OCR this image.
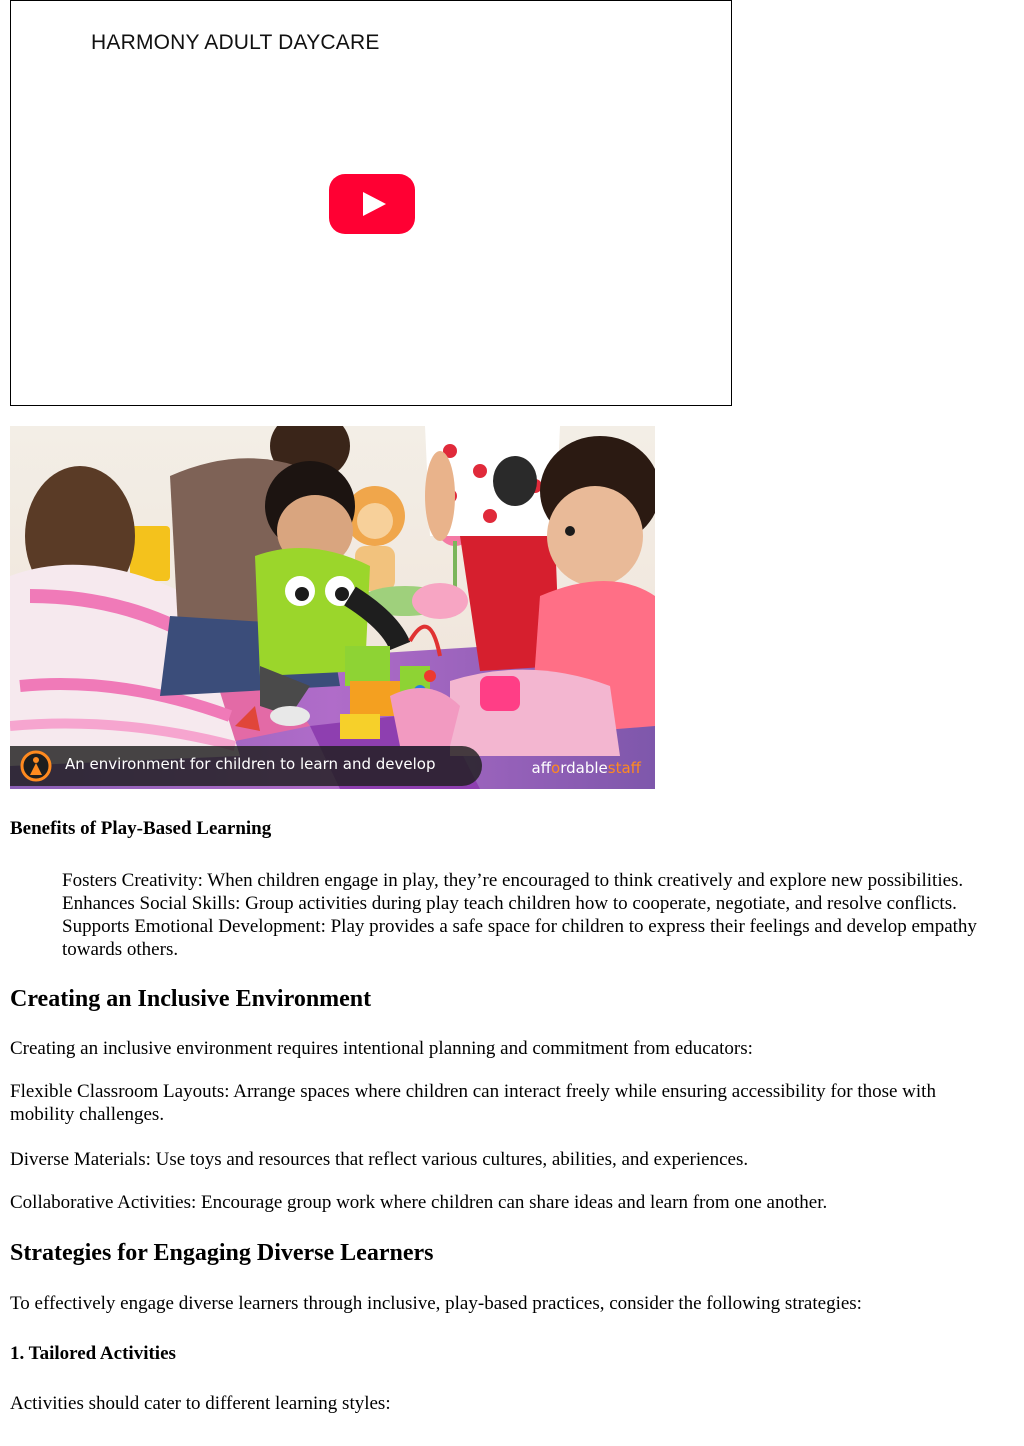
HARMONY ADULT DAYCARE
An environment for children to learn and develop	affordablestaff
Benefits of Play-Based Learning
Fosters Creativity: When children engage in play, they’re encouraged to think creatively and explore new possibilities. Enhances Social Skills: Group activities during play teach children how to cooperate, negotiate, and resolve conflicts. Supports Emotional Development: Play provides a safe space for children to express their feelings and develop empathy towards others.
Creating an Inclusive Environment

Creating an inclusive environment requires intentional planning and commitment from educators:

Flexible Classroom Layouts: Arrange spaces where children can interact freely while ensuring accessibility for those with mobility challenges.

Diverse Materials: Use toys and resources that reflect various cultures, abilities, and experiences.

Collaborative Activities: Encourage group work where children can share ideas and learn from one another.

Strategies for Engaging Diverse Learners

To effectively engage diverse learners through inclusive, play-based practices, consider the following strategies:

1. Tailored Activities

Activities should cater to different learning styles:
